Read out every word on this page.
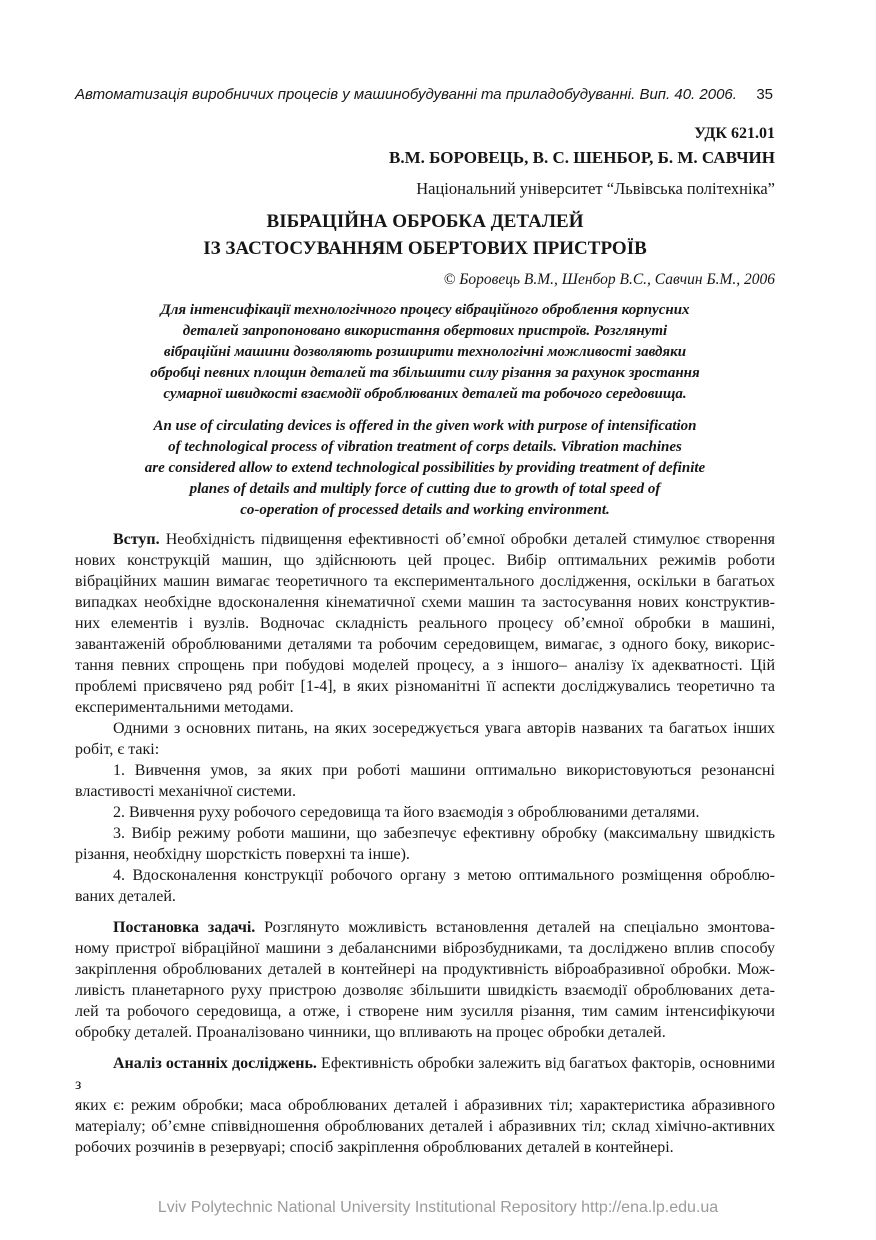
Автоматизація виробничих процесів у машинобудуванні та приладобудуванні. Вип. 40. 2006. 35
УДК 621.01
В.М. БОРОВЕЦЬ, В. С. ШЕНБОР, Б. М. САВЧИН
Національний університет “Львівська політехніка”
ВІБРАЦІЙНА ОБРОБКА ДЕТАЛЕЙ
ІЗ ЗАСТОСУВАННЯМ ОБЕРТОВИХ ПРИСТРОЇВ
© Боровець В.М., Шенбор В.С., Савчин Б.М., 2006
Для інтенсифікації технологічного процесу вібраційного оброблення корпусних
деталей запропоновано використання обертових пристроїв. Розглянуті
вібраційні машини дозволяють розширити технологічні можливості завдяки
обробці певних площин деталей та збільшити силу різання за рахунок зростання
сумарної швидкості взаємодії оброблюваних деталей та робочого середовища.
An use of circulating devices is offered in the given work with purpose of intensification
of technological process of vibration treatment of corps details. Vibration machines
are considered allow to extend technological possibilities by providing treatment of definite
planes of details and multiply force of cutting due to growth of total speed of
co-operation of processed details and working environment.
Вступ. Необхідність підвищення ефективності об’ємної обробки деталей стимулює створення
нових конструкцій машин, що здійснюють цей процес. Вибір оптимальних режимів роботи
вібраційних машин вимагає теоретичного та експериментального дослідження, оскільки в багатьох
випадках необхідне вдосконалення кінематичної схеми машин та застосування нових конструктив-
них елементів і вузлів. Водночас складність реального процесу об’ємної обробки в машині,
завантаженій оброблюваними деталями та робочим середовищем, вимагає, з одного боку, викорис-
тання певних спрощень при побудові моделей процесу, а з іншого– аналізу їх адекватності. Цій
проблемі присвячено ряд робіт [1-4], в яких різноманітні її аспекти досліджувались теоретично та
експериментальними методами.
Одними з основних питань, на яких зосереджується увага авторів названих та багатьох інших
робіт, є такі:
1. Вивчення умов, за яких при роботі машини оптимально використовуються резонансні
властивості механічної системи.
2. Вивчення руху робочого середовища та його взаємодія з оброблюваними деталями.
3. Вибір режиму роботи машини, що забезпечує ефективну обробку (максимальну швидкість
різання, необхідну шорсткість поверхні та інше).
4. Вдосконалення конструкції робочого органу з метою оптимального розміщення оброблю-
ваних деталей.
Постановка задачі. Розглянуто можливість встановлення деталей на спеціально змонтова-
ному пристрої вібраційної машини з дебалансними віброзбудниками, та досліджено вплив способу
закріплення оброблюваних деталей в контейнері на продуктивність віброабразивної обробки. Мож-
ливість планетарного руху пристрою дозволяє збільшити швидкість взаємодії оброблюваних дета-
лей та робочого середовища, а отже, і створене ним зусилля різання, тим самим інтенсифікуючи
обробку деталей. Проаналізовано чинники, що впливають на процес обробки деталей.
Аналіз останніх досліджень. Ефективність обробки залежить від багатьох факторів, основними з
яких є: режим обробки; маса оброблюваних деталей і абразивних тіл; характеристика абразивного
матеріалу; об’ємне співвідношення оброблюваних деталей і абразивних тіл; склад хімічно-активних
робочих розчинів в резервуарі; спосіб закріплення оброблюваних деталей в контейнері.
Lviv Polytechnic National University Institutional Repository http://ena.lp.edu.ua
